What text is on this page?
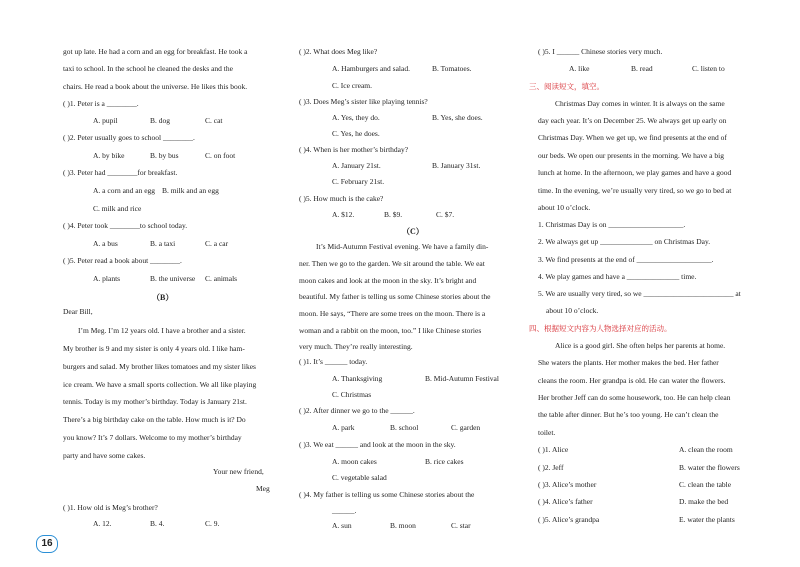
got up late. He had a corn and an egg for breakfast. He took a
taxi to school. In the school he cleaned the desks and the
chairs. He read a book about the universe. He likes this book.
( )1. Peter is a ________.
A. pupil	B. dog	C. cat
( )2. Peter usually goes to school ________.
A. by bike	B. by bus	C. on foot
( )3. Peter had ________for breakfast.
A. a corn and an egg B. milk and an egg
C. milk and rice
( )4. Peter took ________to school today.
A. a bus	B. a taxi	C. a car
( )5. Peter read a book about ________.
A. plants	B. the universe C. animals
（B）
Dear Bill,
I’m Meg. I’m 12 years old. I have a brother and a sister.
My brother is 9 and my sister is only 4 years old. I like ham-
burgers and salad. My brother likes tomatoes and my sister likes
ice cream. We have a small sports collection. We all like playing
tennis. Today is my mother’s birthday. Today is January 21st.
There’s a big birthday cake on the table. How much is it? Do
you know? It’s 7 dollars. Welcome to my mother’s birthday
party and have some cakes.
Your new friend,
Meg
( )1. How old is Meg’s brother?
A. 12.	B. 4.	C. 9.
( )2. What does Meg like?
A. Hamburgers and salad.	B. Tomatoes.
C. Ice cream.
( )3. Does Meg’s sister like playing tennis?
A. Yes, they do.	B. Yes, she does.
C. Yes, he does.
( )4. When is her mother’s birthday?
A. January 21st.	B. January 31st.
C. February 21st.
( )5. How much is the cake?
A. $12.	B. $9.	C. $7.
（C）
It’s Mid-Autumn Festival evening. We have a family din-
ner. Then we go to the garden. We sit around the table. We eat
moon cakes and look at the moon in the sky. It’s bright and
beautiful. My father is telling us some Chinese stories about the
moon. He says, “There are some trees on the moon. There is a
woman and a rabbit on the moon, too.” I like Chinese stories
very much. They’re really interesting.
( )1. It’s ______ today.
A. Thanksgiving	B. Mid-Autumn Festival
C. Christmas
( )2. After dinner we go to the ______.
A. park	B. school	C. garden
( )3. We eat ______ and look at the moon in the sky.
A. moon cakes	B. rice cakes
C. vegetable salad
( )4. My father is telling us some Chinese stories about the
______.
A. sun	B. moon	C. star
( )5. I ______ Chinese stories very much.
A. like	B. read	C. listen to
三、阅读短文，填空。
Christmas Day comes in winter. It is always on the same
day each year. It’s on December 25. We always get up early on
Christmas Day. When we get up, we find presents at the end of
our beds. We open our presents in the morning. We have a big
lunch at home. In the afternoon, we play games and have a good
time. In the evening, we’re usually very tired, so we go to bed at
about 10 o’clock.
1. Christmas Day is on ____________________.
2. We always get up ______________ on Christmas Day.
3. We find presents at the end of ____________________.
4. We play games and have a ______________ time.
5. We are usually very tired, so we ________________________ at
about 10 o’clock.
四、根据短文内容为人物选择对应的活动。
Alice is a good girl. She often helps her parents at home.
She waters the plants. Her mother makes the bed. Her father
cleans the room. Her grandpa is old. He can water the flowers.
Her brother Jeff can do some housework, too. He can help clean
the table after dinner. But he’s too young. He can’t clean the
toilet.
( )1. Alice	A. clean the room
( )2. Jeff	B. water the flowers
( )3. Alice’s mother	C. clean the table
( )4. Alice’s father	D. make the bed
( )5. Alice’s grandpa	E. water the plants
16
